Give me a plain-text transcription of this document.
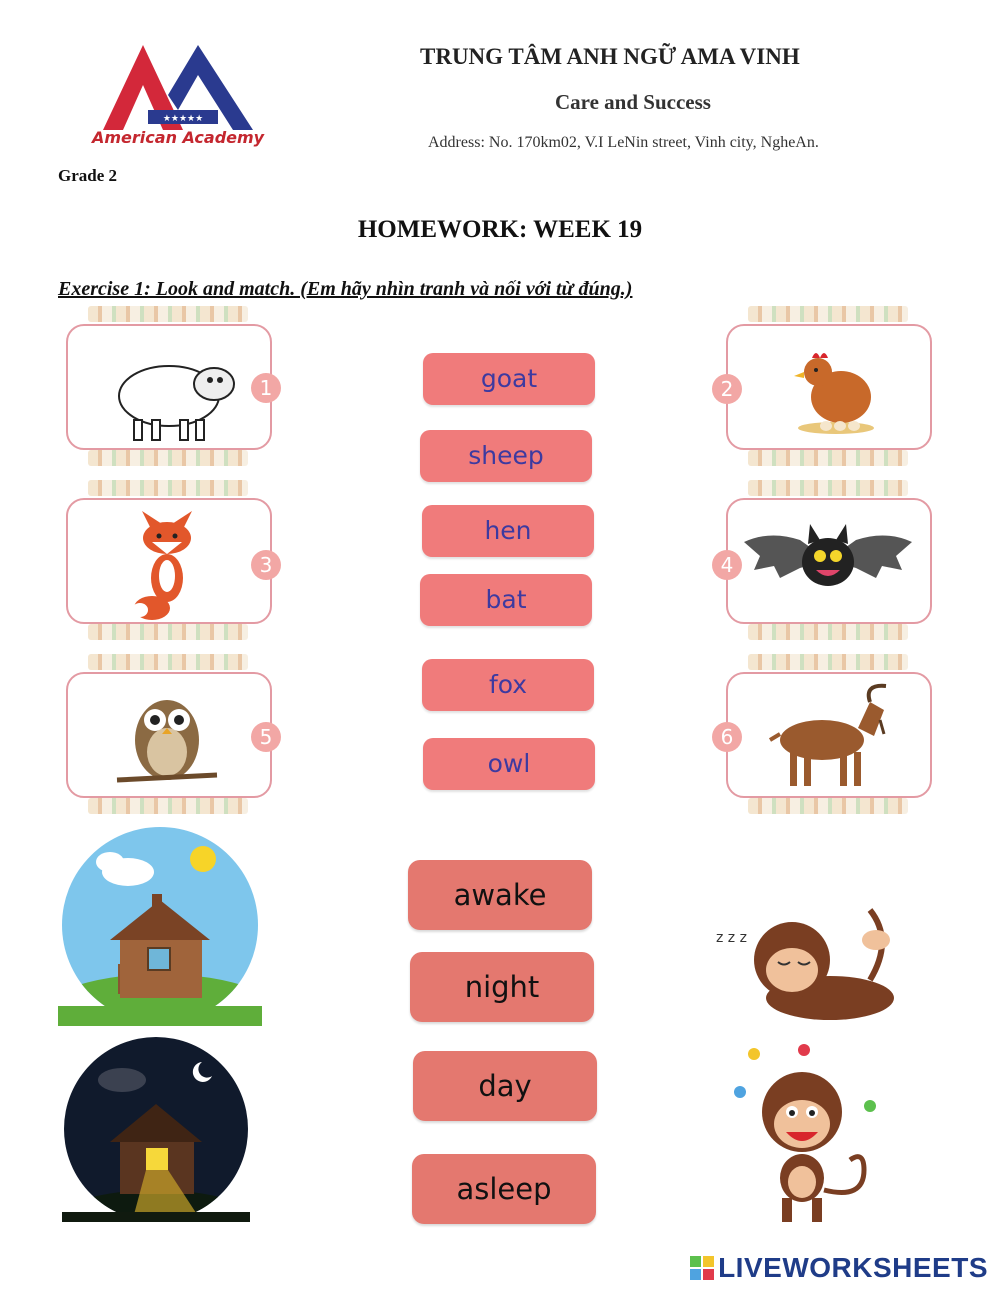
★★★★★
American Academy
TRUNG TÂM ANH NGỮ AMA VINH
Care and Success
Address: No. 170km02, V.I LeNin street, Vinh city, NgheAn.
Grade 2
HOMEWORK: WEEK 19
Exercise 1: Look and match. (Em hãy nhìn tranh và nối với từ đúng.)
1
3
5
2
4
6
goat
sheep
hen
bat
fox
owl
z z z
awake
night
day
asleep
LIVEWORKSHEETS
